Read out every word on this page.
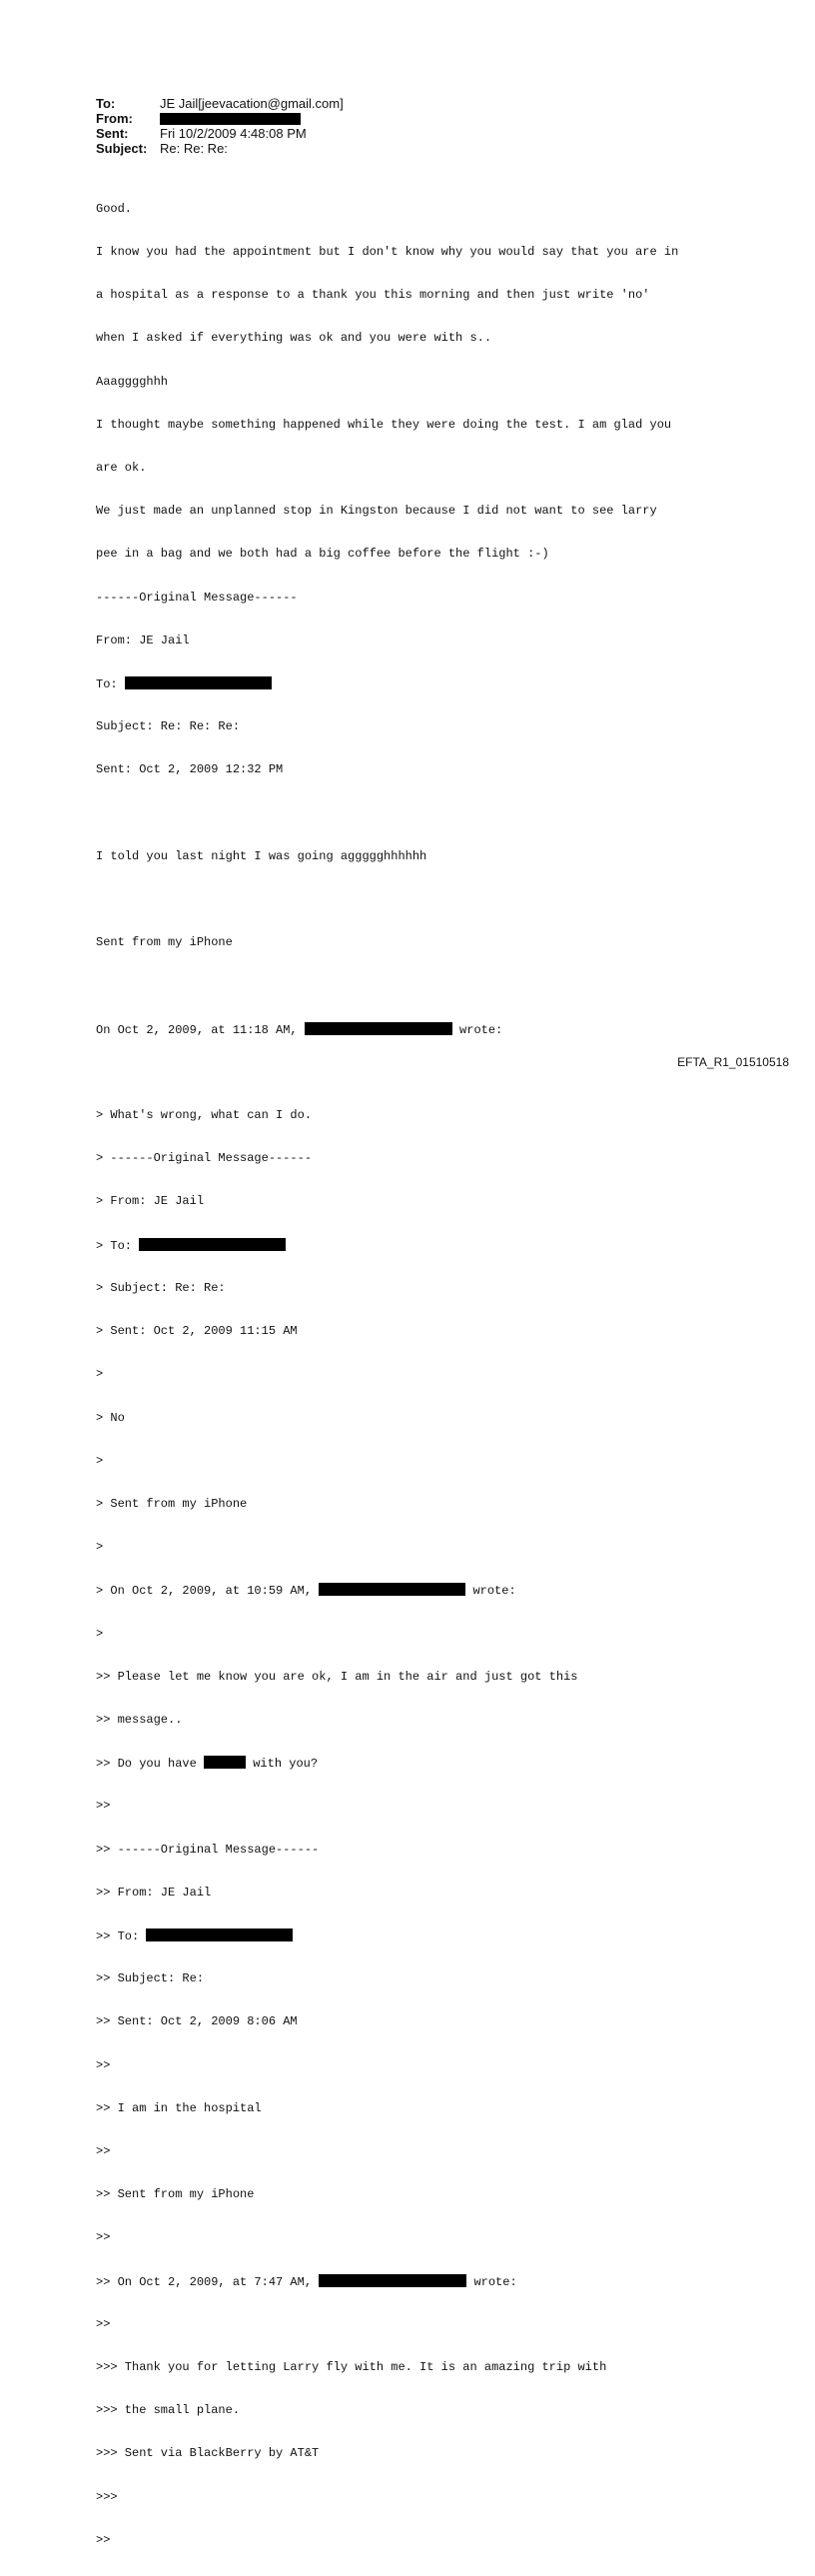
To:	JE Jail[jeevacation@gmail.com]
From:
Sent:	Fri 10/2/2009 4:48:08 PM
Subject: Re: Re: Re:

Good.

I know you had the appointment but I don't know why you would say that you are in

a hospital as a response to a thank you this morning and then just write 'no'

when I asked if everything was ok and you were with s..

Aaagggghhh

I thought maybe something happened while they were doing the test. I am glad you

are ok.

We just made an unplanned stop in Kingston because I did not want to see larry

pee in a bag and we both had a big coffee before the flight :-)

------Original Message------

From: JE Jail

To:

Subject: Re: Re: Re:

Sent: Oct 2, 2009 12:32 PM

I told you last night I was going aggggghhhhhh

Sent from my iPhone

On Oct 2, 2009, at 11:18 AM,	wrote:

> What's wrong, what can I do.

> ------Original Message------

> From: JE Jail

> To:

> Subject: Re: Re:

> Sent: Oct 2, 2009 11:15 AM

>

> No

>

> Sent from my iPhone

>

> On Oct 2, 2009, at 10:59 AM,	wrote:

>

>> Please let me know you are ok, I am in the air and just got this

>> message..

>> Do you have	with you?

>>

>> ------Original Message------

>> From: JE Jail

>> To:

>> Subject: Re:

>> Sent: Oct 2, 2009 8:06 AM

>>

>> I am in the hospital

>>

>> Sent from my iPhone

>>

>> On Oct 2, 2009, at 7:47 AM,	wrote:

>>

>>> Thank you for letting Larry fly with me. It is an amazing trip with

>>> the small plane.

>>> Sent via BlackBerry by AT&T

>>>

>>

EFTA_R1_01510518
